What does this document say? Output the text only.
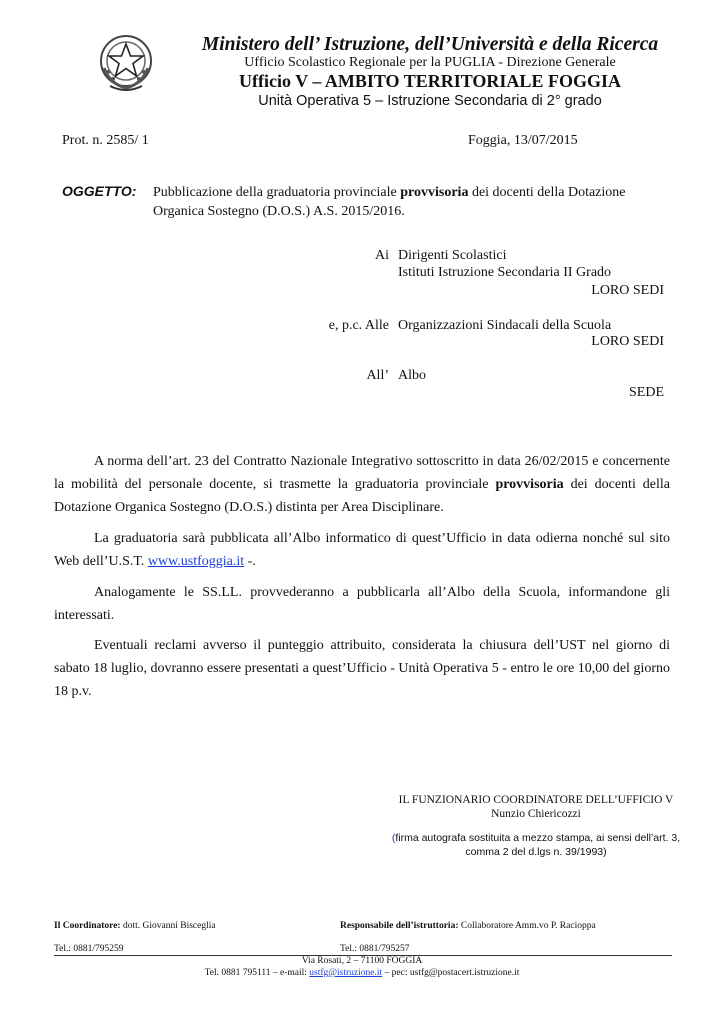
Ministero dell’ Istruzione, dell’Università e della Ricerca
Ufficio Scolastico Regionale per la PUGLIA - Direzione Generale
Ufficio V – AMBITO TERRITORIALE FOGGIA
Unità Operativa 5 – Istruzione Secondaria di 2° grado
Prot. n. 2585/ 1	Foggia, 13/07/2015
OGGETTO: Pubblicazione della graduatoria provinciale provvisoria dei docenti della Dotazione Organica Sostegno (D.O.S.) A.S. 2015/2016.
Ai Dirigenti Scolastici
Istituti Istruzione Secondaria II Grado
LORO SEDI
e, p.c. Alle Organizzazioni Sindacali della Scuola
LORO SEDI
All’ Albo
SEDE
A norma dell’art. 23 del Contratto Nazionale Integrativo sottoscritto in data 26/02/2015 e concernente la mobilità del personale docente, si trasmette la graduatoria provinciale provvisoria dei docenti della Dotazione Organica Sostegno (D.O.S.) distinta per Area Disciplinare.
La graduatoria sarà pubblicata all’Albo informatico di quest’Ufficio in data odierna nonché sul sito Web dell’U.S.T. www.ustfoggia.it -.
Analogamente le SS.LL. provvederanno a pubblicarla all’Albo della Scuola, informandone gli interessati.
Eventuali reclami avverso il punteggio attribuito, considerata la chiusura dell’UST nel giorno di sabato 18 luglio, dovranno essere presentati a quest’Ufficio - Unità Operativa 5 - entro le ore 10,00 del giorno 18 p.v.
IL FUNZIONARIO COORDINATORE DELL’UFFICIO V
Nunzio Chiericozzi
(firma autografa sostituita a mezzo stampa, ai sensi dell’art. 3,
comma 2 del d.lgs n. 39/1993)
Il Coordinatore: dott. Giovanni Bisceglia	Responsabile dell’istruttoria: Collaboratore Amm.vo P. Racioppa
Tel.: 0881/795259	Tel.: 0881/795257
Via Rosati, 2 – 71100 FOGGIA
Tel. 0881 795111 – e-mail: ustfg@istruzione.it – pec: ustfg@postacert.istruzione.it
